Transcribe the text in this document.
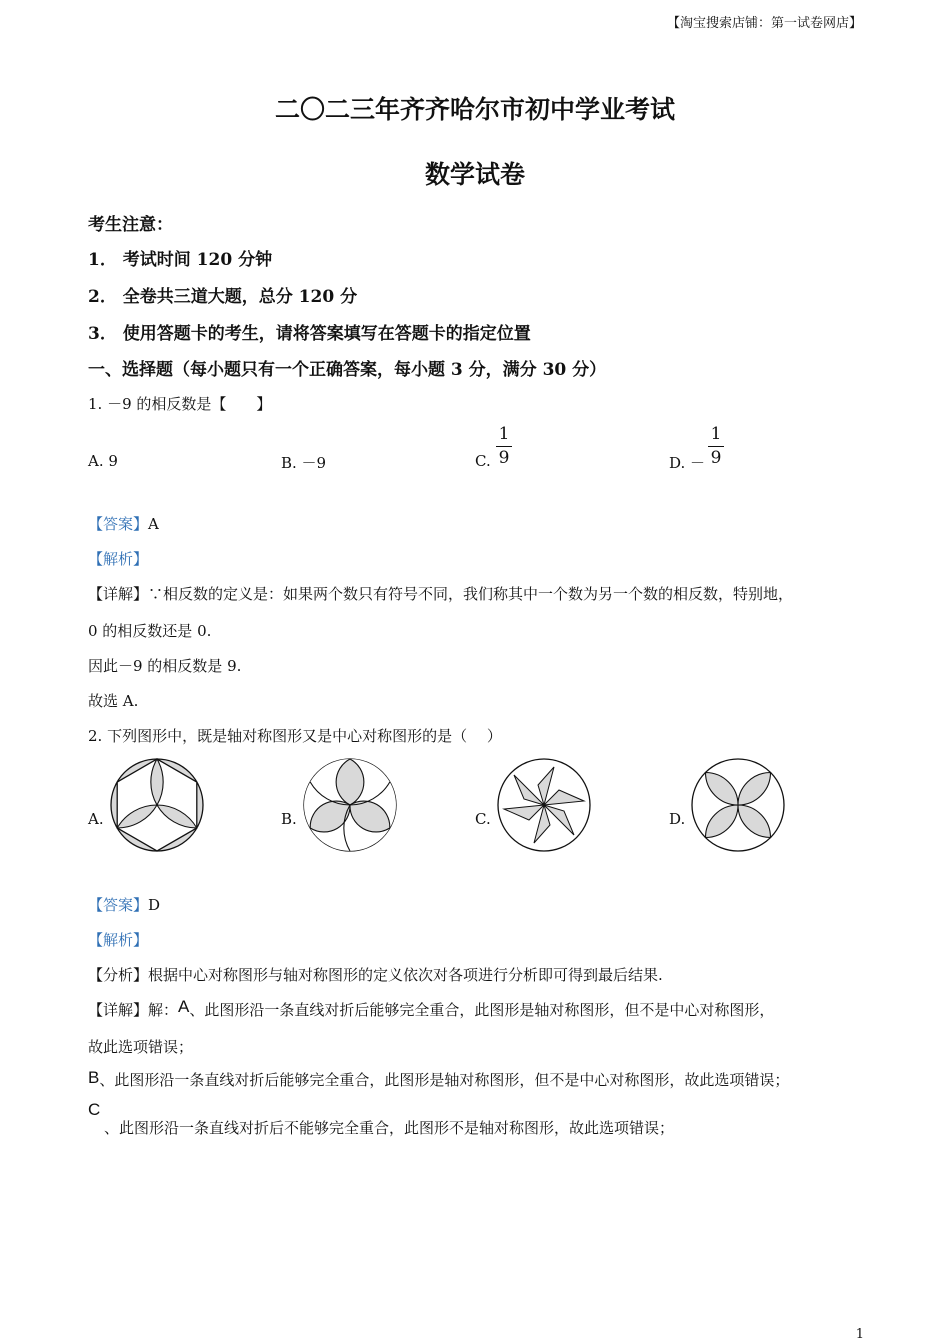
【淘宝搜索店铺：第一试卷网店】
二〇二三年齐齐哈尔市初中学业考试
数学试卷
考生注意：
1． 考试时间 120 分钟
2． 全卷共三道大题，总分 120 分
3． 使用答题卡的考生，请将答案填写在答题卡的指定位置
一、选择题（每小题只有一个正确答案，每小题 3 分，满分 30 分）
1. －9 的相反数是【　　】
A. 9	B. －9	C.
1
9	D. －
1
9
【答案】A
【解析】
【详解】∵相反数的定义是：如果两个数只有符号不同，我们称其中一个数为另一个数的相反数，特别地，
0 的相反数还是 0.
因此－9 的相反数是 9.
故选 A.
2. 下列图形中，既是轴对称图形又是中心对称图形的是（　 ）
A.	B.	C.	D.
【答案】D
【解析】
【分析】根据中心对称图形与轴对称图形的定义依次对各项进行分析即可得到最后结果.
【详解】解：A、此图形沿一条直线对折后能够完全重合，此图形是轴对称图形，但不是中心对称图形，
故此选项错误；
B、此图形沿一条直线对折后能够完全重合，此图形是轴对称图形，但不是中心对称图形，故此选项错误；
C
、此图形沿一条直线对折后不能够完全重合，此图形不是轴对称图形，故此选项错误；
1
